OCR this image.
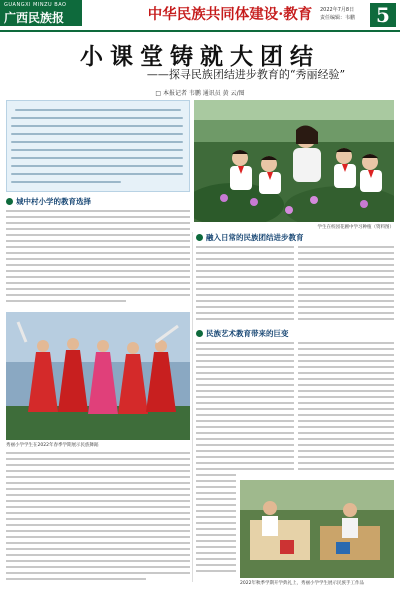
GUANGXI MINZU BAO
广西民族报	中华民族共同体建设·教育	2022年7月8日
责任编辑：韦鹏	5
小课堂铸就大团结
——探寻民族团结进步教育的“秀丽经验”
□ 本报记者 韦鹏 通讯员 黄 云/图
学生在校园花圃中学习种植（资料图）
城中村小学的教育选择
融入日常的民族团结进步教育
民族艺术教育带来的巨变
秀丽小学学生在2022年春季学期展示民族舞蹈
2022年秋季学期开学典礼上，秀丽小学学生展示民族手工作品
